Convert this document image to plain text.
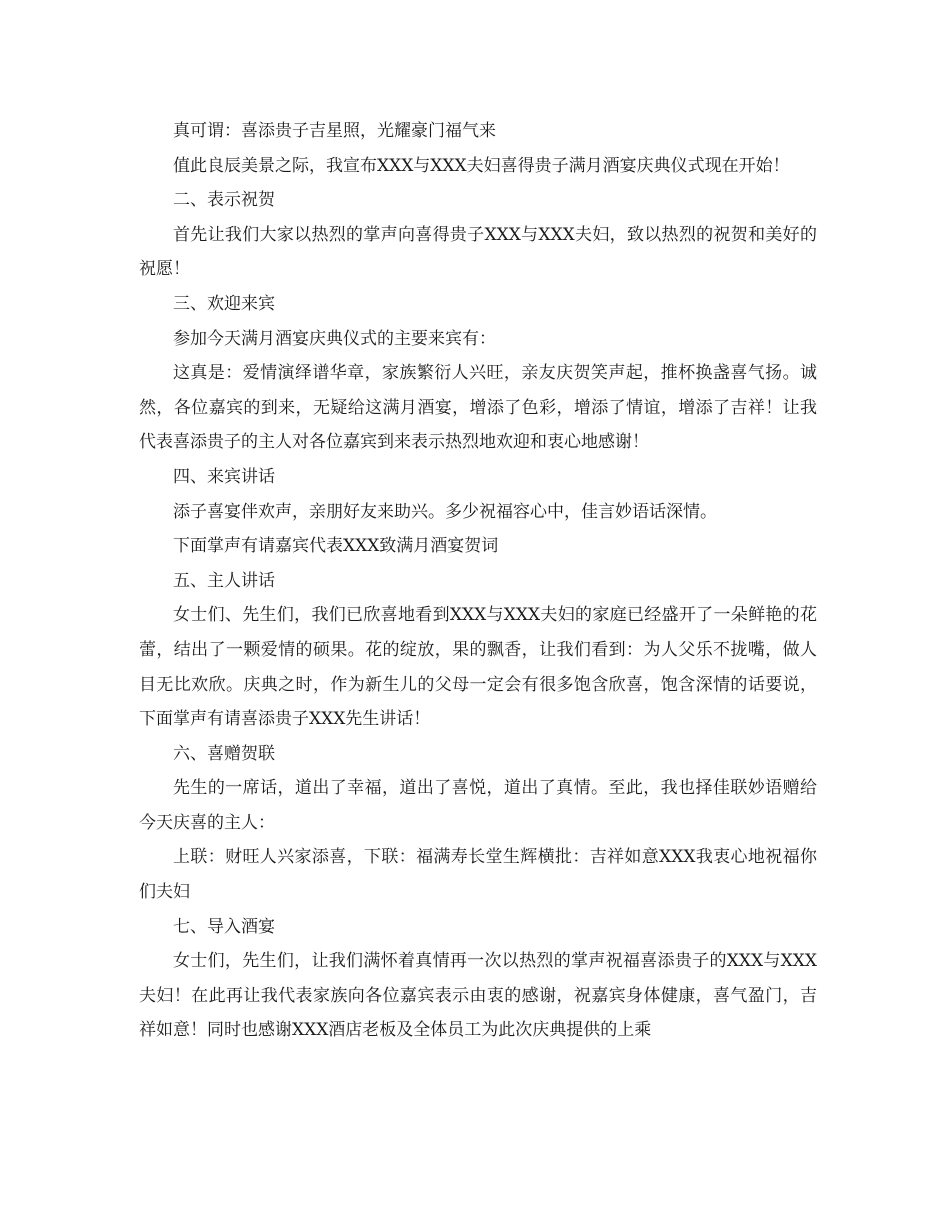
真可谓：喜添贵子吉星照，光耀豪门福气来

值此良辰美景之际，我宣布XXX与XXX夫妇喜得贵子满月酒宴庆典仪式现在开始！

二、表示祝贺

首先让我们大家以热烈的掌声向喜得贵子XXX与XXX夫妇，致以热烈的祝贺和美好的祝愿！

三、欢迎来宾

参加今天满月酒宴庆典仪式的主要来宾有：

这真是：爱情演绎谱华章，家族繁衍人兴旺，亲友庆贺笑声起，推杯换盏喜气扬。诚然，各位嘉宾的到来，无疑给这满月酒宴，增添了色彩，增添了情谊，增添了吉祥！让我代表喜添贵子的主人对各位嘉宾到来表示热烈地欢迎和衷心地感谢！

四、来宾讲话

添子喜宴伴欢声，亲朋好友来助兴。多少祝福容心中，佳言妙语话深情。

下面掌声有请嘉宾代表XXX致满月酒宴贺词

五、主人讲话

女士们、先生们，我们已欣喜地看到XXX与XXX夫妇的家庭已经盛开了一朵鲜艳的花蕾，结出了一颗爱情的硕果。花的绽放，果的飘香，让我们看到：为人父乐不拢嘴，做人目无比欢欣。庆典之时，作为新生儿的父母一定会有很多饱含欣喜，饱含深情的话要说，下面掌声有请喜添贵子XXX先生讲话！

六、喜赠贺联

先生的一席话，道出了幸福，道出了喜悦，道出了真情。至此，我也择佳联妙语赠给今天庆喜的主人：

上联：财旺人兴家添喜，下联：福满寿长堂生辉横批：吉祥如意XXX我衷心地祝福你们夫妇

七、导入酒宴

女士们，先生们，让我们满怀着真情再一次以热烈的掌声祝福喜添贵子的XXX与XXX夫妇！在此再让我代表家族向各位嘉宾表示由衷的感谢，祝嘉宾身体健康，喜气盈门，吉祥如意！同时也感谢XXX酒店老板及全体员工为此次庆典提供的上乘
